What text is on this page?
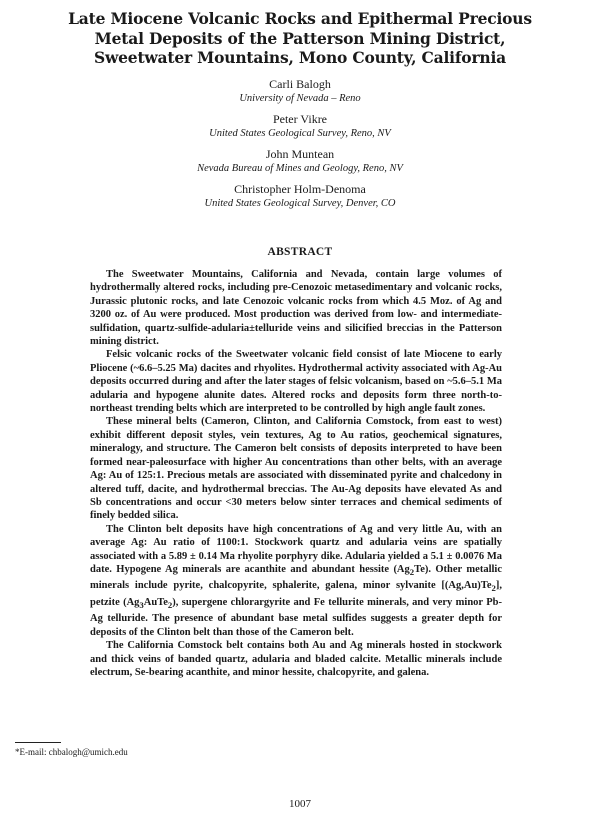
Late Miocene Volcanic Rocks and Epithermal Precious Metal Deposits of the Patterson Mining District, Sweetwater Mountains, Mono County, California
Carli Balogh
University of Nevada – Reno
Peter Vikre
United States Geological Survey, Reno, NV
John Muntean
Nevada Bureau of Mines and Geology, Reno, NV
Christopher Holm-Denoma
United States Geological Survey, Denver, CO
ABSTRACT

The Sweetwater Mountains, California and Nevada, contain large volumes of hydrothermally altered rocks, including pre-Cenozoic metasedimentary and volcanic rocks, Jurassic plutonic rocks, and late Cenozoic volcanic rocks from which 4.5 Moz. of Ag and 3200 oz. of Au were produced. Most production was derived from low- and intermediate-sulfidation, quartz-sulfide-adularia±telluride veins and silicified breccias in the Patterson mining district.

Felsic volcanic rocks of the Sweetwater volcanic field consist of late Miocene to early Pliocene (~6.6–5.25 Ma) dacites and rhyolites. Hydrothermal activity associated with Ag-Au deposits occurred during and after the later stages of felsic volcanism, based on ~5.6–5.1 Ma adularia and hypogene alunite dates. Altered rocks and deposits form three north-to-northeast trending belts which are interpreted to be controlled by high angle fault zones.

These mineral belts (Cameron, Clinton, and California Comstock, from east to west) exhibit different deposit styles, vein textures, Ag to Au ratios, geochemical signatures, mineralogy, and structure. The Cameron belt consists of deposits interpreted to have been formed near-paleosurface with higher Au concentrations than other belts, with an average Ag: Au of 125:1. Precious metals are associated with disseminated pyrite and chalcedony in altered tuff, dacite, and hydrothermal breccias. The Au-Ag deposits have elevated As and Sb concentrations and occur <30 meters below sinter terraces and chemical sediments of finely bedded silica.

The Clinton belt deposits have high concentrations of Ag and very little Au, with an average Ag: Au ratio of 1100:1. Stockwork quartz and adularia veins are spatially associated with a 5.89 ± 0.14 Ma rhyolite porphyry dike. Adularia yielded a 5.1 ± 0.0076 Ma date. Hypogene Ag minerals are acanthite and abundant hessite $(Ag_2Te)$. Other metallic minerals include pyrite, chalcopyrite, sphalerite, galena, minor sylvanite $[(Ag,Au)Te_2]$, petzite $(Ag_3AuTe_2)$, supergene chlorargyrite and Fe tellurite minerals, and very minor Pb-Ag telluride. The presence of abundant base metal sulfides suggests a greater depth for deposits of the Clinton belt than those of the Cameron belt.

The California Comstock belt contains both Au and Ag minerals hosted in stockwork and thick veins of banded quartz, adularia and bladed calcite. Metallic minerals include electrum, Se-bearing acanthite, and minor hessite, chalcopyrite, and galena.

*E-mail: chbalogh@umich.edu
1007
